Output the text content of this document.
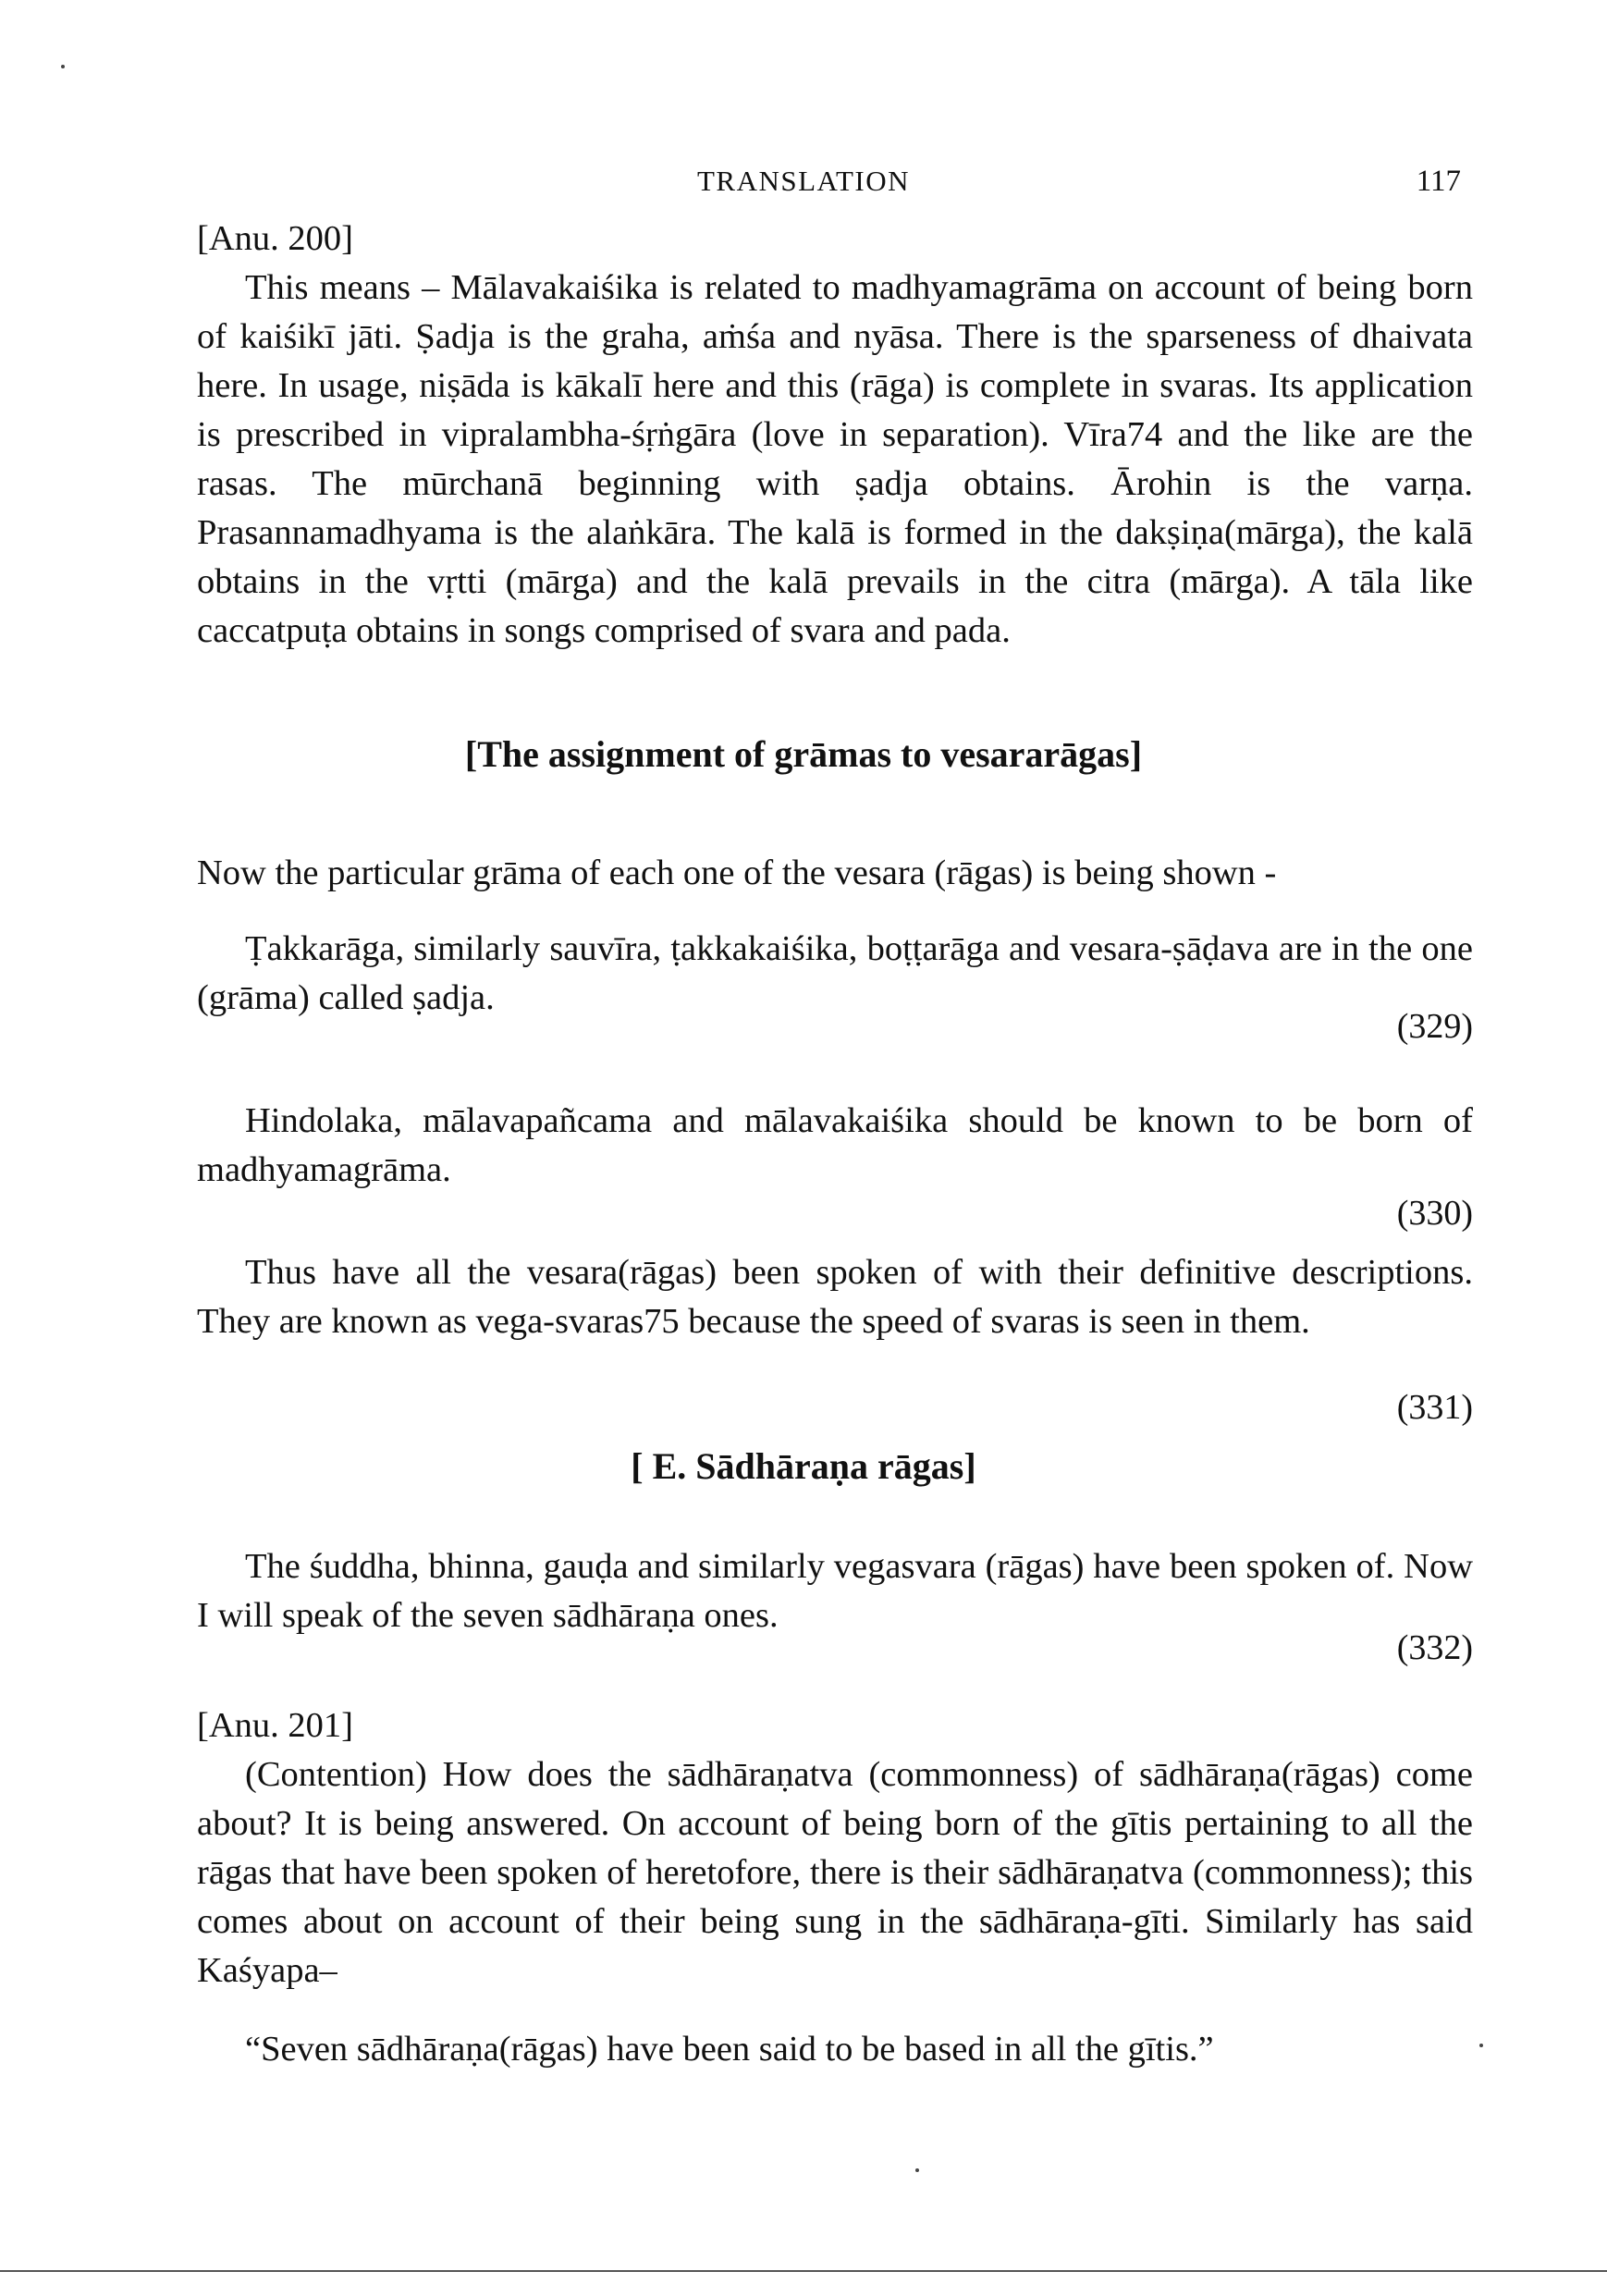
TRANSLATION	117

[Anu. 200]

This means – Mālavakaiśika is related to madhyamagrāma on account of being born of kaiśikī jāti. Ṣadja is the graha, aṁśa and nyāsa. There is the sparseness of dhaivata here. In usage, niṣāda is kākalī here and this (rāga) is complete in svaras. Its application is prescribed in vipralambha-śṛṅgāra (love in separation). Vīra74 and the like are the rasas. The mūrchanā beginning with ṣadja obtains. Ārohin is the varṇa. Prasannamadhyama is the alaṅkāra. The kalā is formed in the dakṣiṇa(mārga), the kalā obtains in the vṛtti (mārga) and the kalā prevails in the citra (mārga). A tāla like caccatpuṭa obtains in songs comprised of svara and pada.

[The assignment of grāmas to vesararāgas]

Now the particular grāma of each one of the vesara (rāgas) is being shown -

Ṭakkarāga, similarly sauvīra, ṭakkakaiśika, boṭṭarāga and vesara-ṣāḍava are in the one (grāma) called ṣadja.

(329)

Hindolaka, mālavapañcama and mālavakaiśika should be known to be born of madhyamagrāma.

(330)

Thus have all the vesara(rāgas) been spoken of with their definitive descriptions. They are known as vega-svaras75 because the speed of svaras is seen in them.

(331)
[ E. Sādhāraṇa rāgas]

The śuddha, bhinna, gauḍa and similarly vegasvara (rāgas) have been spoken of. Now I will speak of the seven sādhāraṇa ones.

(332)

[Anu. 201]

(Contention) How does the sādhāraṇatva (commonness) of sādhāraṇa(rāgas) come about? It is being answered. On account of being born of the gītis pertaining to all the rāgas that have been spoken of heretofore, there is their sādhāraṇatva (commonness); this comes about on account of their being sung in the sādhāraṇa-gīti. Similarly has said Kaśyapa–

“Seven sādhāraṇa(rāgas) have been said to be based in all the gītis.”
